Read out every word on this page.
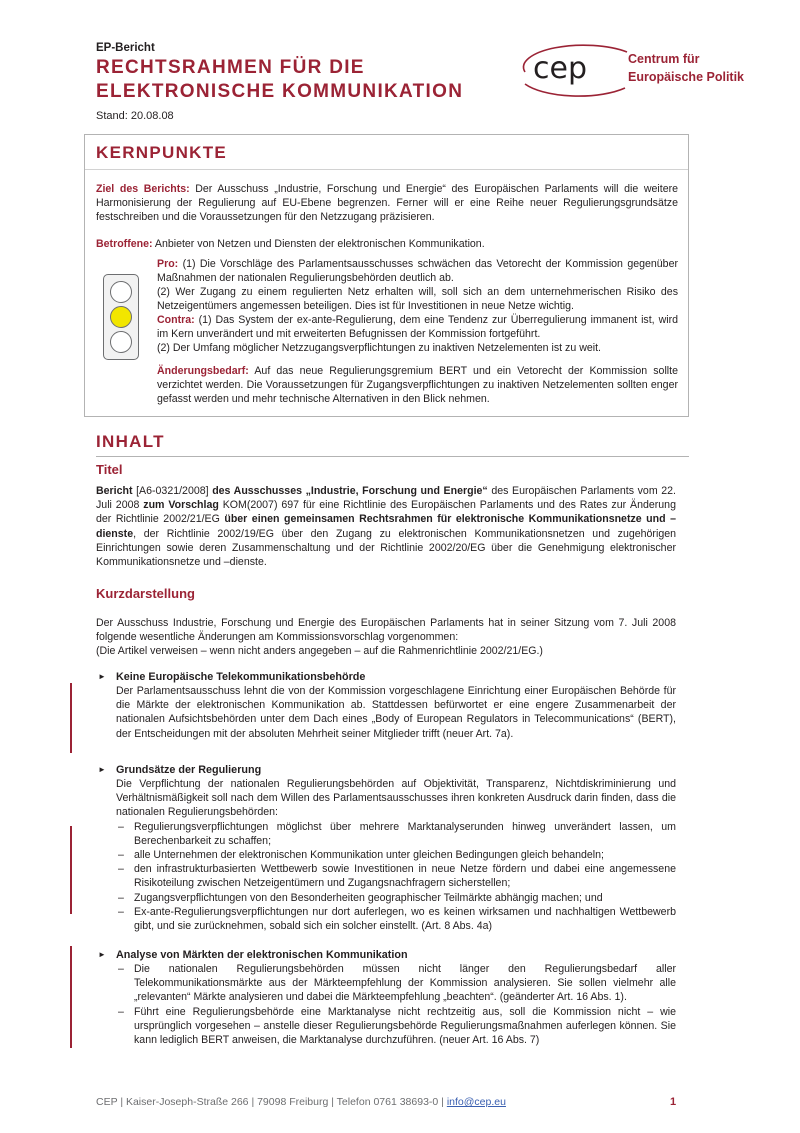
EP-Bericht
RECHTSRAHMEN FÜR DIE
ELEKTRONISCHE KOMMUNIKATION
Stand: 20.08.08
cep	Centrum für
Europäische Politik
KERNPUNKTE
Ziel des Berichts: Der Ausschuss „Industrie, Forschung und Energie“ des Europäischen Parlaments will die weitere Harmonisierung der Regulierung auf EU-Ebene begrenzen. Ferner will er eine Reihe neuer Regulierungsgrundsätze festschreiben und die Voraussetzungen für den Netzzugang präzisieren.
Betroffene: Anbieter von Netzen und Diensten der elektronischen Kommunikation.
Pro: (1) Die Vorschläge des Parlamentsausschusses schwächen das Vetorecht der Kommission gegenüber Maßnahmen der nationalen Regulierungsbehörden deutlich ab.
(2) Wer Zugang zu einem regulierten Netz erhalten will, soll sich an dem unternehmerischen Risiko des Netzeigentümers angemessen beteiligen. Dies ist für Investitionen in neue Netze wichtig.
Contra: (1) Das System der ex-ante-Regulierung, dem eine Tendenz zur Überregulierung immanent ist, wird im Kern unverändert und mit erweiterten Befugnissen der Kommission fortgeführt.
(2) Der Umfang möglicher Netzzugangsverpflichtungen zu inaktiven Netzelementen ist zu weit.
Änderungsbedarf: Auf das neue Regulierungsgremium BERT und ein Vetorecht der Kommission sollte verzichtet werden. Die Voraussetzungen für Zugangsverpflichtungen zu inaktiven Netzelementen sollten enger gefasst werden und mehr technische Alternativen in den Blick nehmen.
INHALT
Titel
Bericht [A6-0321/2008] des Ausschusses „Industrie, Forschung und Energie“ des Europäischen Parlaments vom 22. Juli 2008 zum Vorschlag KOM(2007) 697 für eine Richtlinie des Europäischen Parlaments und des Rates zur Änderung der Richtlinie 2002/21/EG über einen gemeinsamen Rechtsrahmen für elektronische Kommunikationsnetze und –dienste, der Richtlinie 2002/19/EG über den Zugang zu elektronischen Kommunikationsnetzen und zugehörigen Einrichtungen sowie deren Zusammenschaltung und der Richtlinie 2002/20/EG über die Genehmigung elektronischer Kommunikationsnetze und –dienste.
Kurzdarstellung
Der Ausschuss Industrie, Forschung und Energie des Europäischen Parlaments hat in seiner Sitzung vom 7. Juli 2008 folgende wesentliche Änderungen am Kommissionsvorschlag vorgenommen:
(Die Artikel verweisen – wenn nicht anders angegeben – auf die Rahmenrichtlinie 2002/21/EG.)
► Keine Europäische Telekommunikationsbehörde
Der Parlamentsausschuss lehnt die von der Kommission vorgeschlagene Einrichtung einer Europäischen Behörde für die Märkte der elektronischen Kommunikation ab. Stattdessen befürwortet er eine engere Zusammenarbeit der nationalen Aufsichtsbehörden unter dem Dach eines „Body of European Regulators in Telecommunications“ (BERT), der Entscheidungen mit der absoluten Mehrheit seiner Mitglieder trifft (neuer Art. 7a).
► Grundsätze der Regulierung
Die Verpflichtung der nationalen Regulierungsbehörden auf Objektivität, Transparenz, Nichtdiskriminierung und Verhältnismäßigkeit soll nach dem Willen des Parlamentsausschusses ihren konkreten Ausdruck darin finden, dass die nationalen Regulierungsbehörden:
– Regulierungsverpflichtungen möglichst über mehrere Marktanalyserunden hinweg unverändert lassen, um Berechenbarkeit zu schaffen;
– alle Unternehmen der elektronischen Kommunikation unter gleichen Bedingungen gleich behandeln;
– den infrastrukturbasierten Wettbewerb sowie Investitionen in neue Netze fördern und dabei eine angemessene Risikoteilung zwischen Netzeigentümern und Zugangsnachfragern sicherstellen;
– Zugangsverpflichtungen von den Besonderheiten geographischer Teilmärkte abhängig machen; und
– Ex-ante-Regulierungsverpflichtungen nur dort auferlegen, wo es keinen wirksamen und nachhaltigen Wettbewerb gibt, und sie zurücknehmen, sobald sich ein solcher einstellt. (Art. 8 Abs. 4a)
► Analyse von Märkten der elektronischen Kommunikation
– Die nationalen Regulierungsbehörden müssen nicht länger den Regulierungsbedarf aller Telekommunikationsmärkte aus der Märkteempfehlung der Kommission analysieren. Sie sollen vielmehr alle „relevanten“ Märkte analysieren und dabei die Märkteempfehlung „beachten“. (geänderter Art. 16 Abs. 1).
– Führt eine Regulierungsbehörde eine Marktanalyse nicht rechtzeitig aus, soll die Kommission nicht – wie ursprünglich vorgesehen – anstelle dieser Regulierungsbehörde Regulierungsmaßnahmen auferlegen können. Sie kann lediglich BERT anweisen, die Marktanalyse durchzuführen. (neuer Art. 16 Abs. 7)
CEP | Kaiser-Joseph-Straße 266 | 79098 Freiburg | Telefon 0761 38693-0 | info@cep.eu	1
